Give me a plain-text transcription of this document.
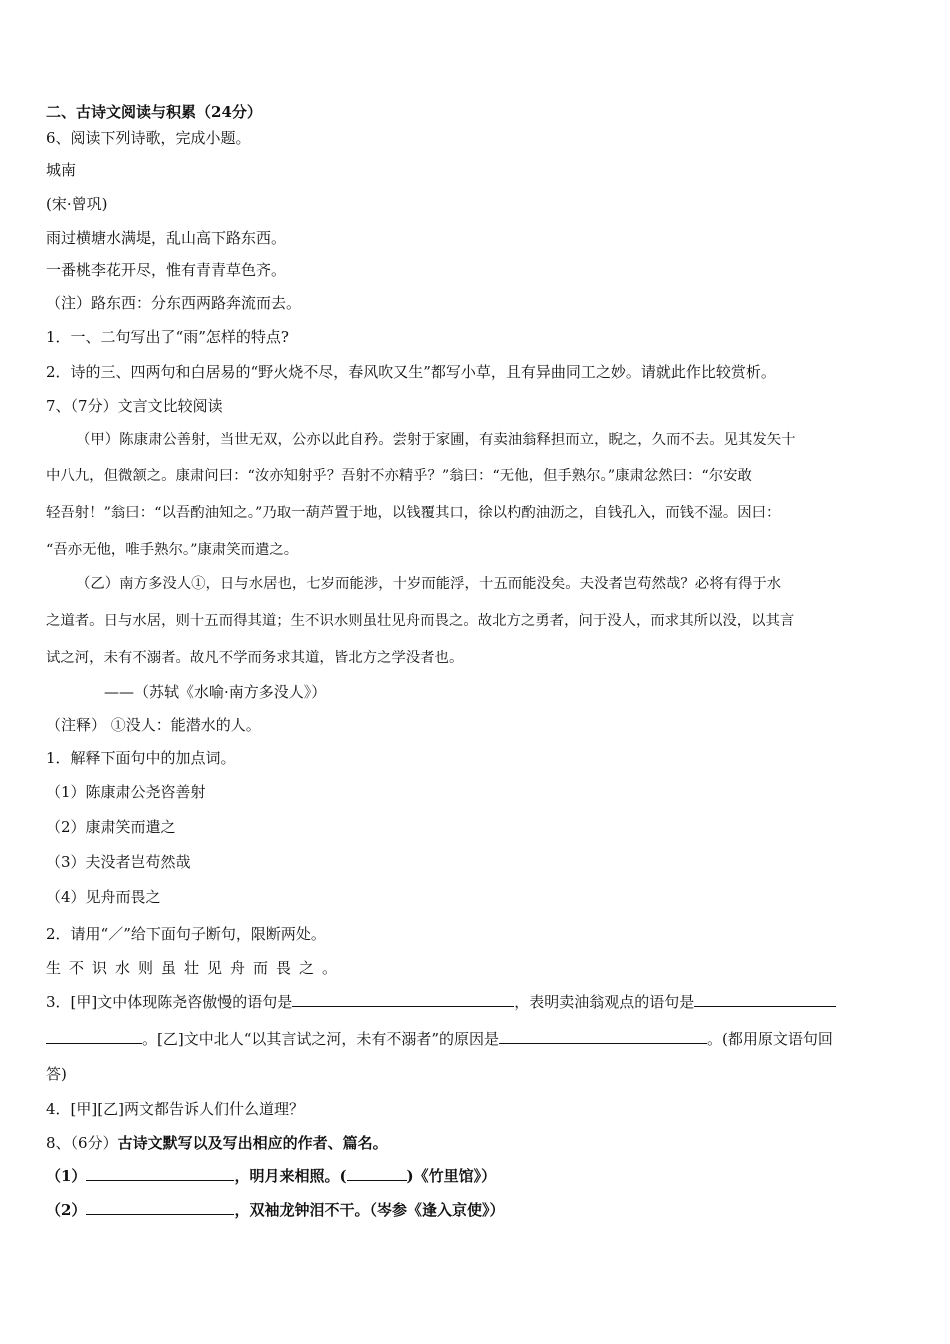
二、古诗文阅读与积累（24分）
6、阅读下列诗歌，完成小题。
城南
(宋·曾巩)
雨过横塘水满堤，乱山高下路东西。
一番桃李花开尽，惟有青青草色齐。
（注）路东西：分东西两路奔流而去。
1．一、二句写出了“雨”怎样的特点?
2．诗的三、四两句和白居易的“野火烧不尽，春风吹又生”都写小草，且有异曲同工之妙。请就此作比较赏析。
7、（7分）文言文比较阅读
（甲）陈康肃公善射，当世无双，公亦以此自矜。尝射于家圃，有卖油翁释担而立，睨之，久而不去。见其发矢十
中八九，但微颔之。康肃问曰：“汝亦知射乎？吾射不亦精乎？”翁曰：“无他，但手熟尔。”康肃忿然曰：“尔安敢
轻吾射！”翁曰：“以吾酌油知之。”乃取一葫芦置于地，以钱覆其口，徐以杓酌油沥之，自钱孔入，而钱不湿。因曰：
“吾亦无他，唯手熟尔。”康肃笑而遣之。
（乙）南方多没人①，日与水居也，七岁而能涉，十岁而能浮，十五而能没矣。夫没者岂苟然哉？必将有得于水
之道者。日与水居，则十五而得其道；生不识水则虽壮见舟而畏之。故北方之勇者，问于没人，而求其所以没，以其言
试之河，未有不溺者。故凡不学而务求其道，皆北方之学没者也。
——（苏轼《水喻·南方多没人》）
（注释） ①没人：能潜水的人。
1．解释下面句中的加点词。
（1）陈康肃公尧咨善射
（2）康肃笑而遣之
（3）夫没者岂苟然哉
（4）见舟而畏之
2．请用“／”给下面句子断句，限断两处。
生不识水则虽壮见舟而畏之。
3．[甲]文中体现陈尧咨傲慢的语句是	，表明卖油翁观点的语句是
。[乙]文中北人“以其言试之河，未有不溺者”的原因是	。(都用原文语句回
答)
4．[甲][乙]两文都告诉人们什么道理？
8、（6分）古诗文默写以及写出相应的作者、篇名。
（1）	，明月来相照。(	)《竹里馆》）
（2）	，双袖龙钟泪不干。（岑参《逢入京使》）
